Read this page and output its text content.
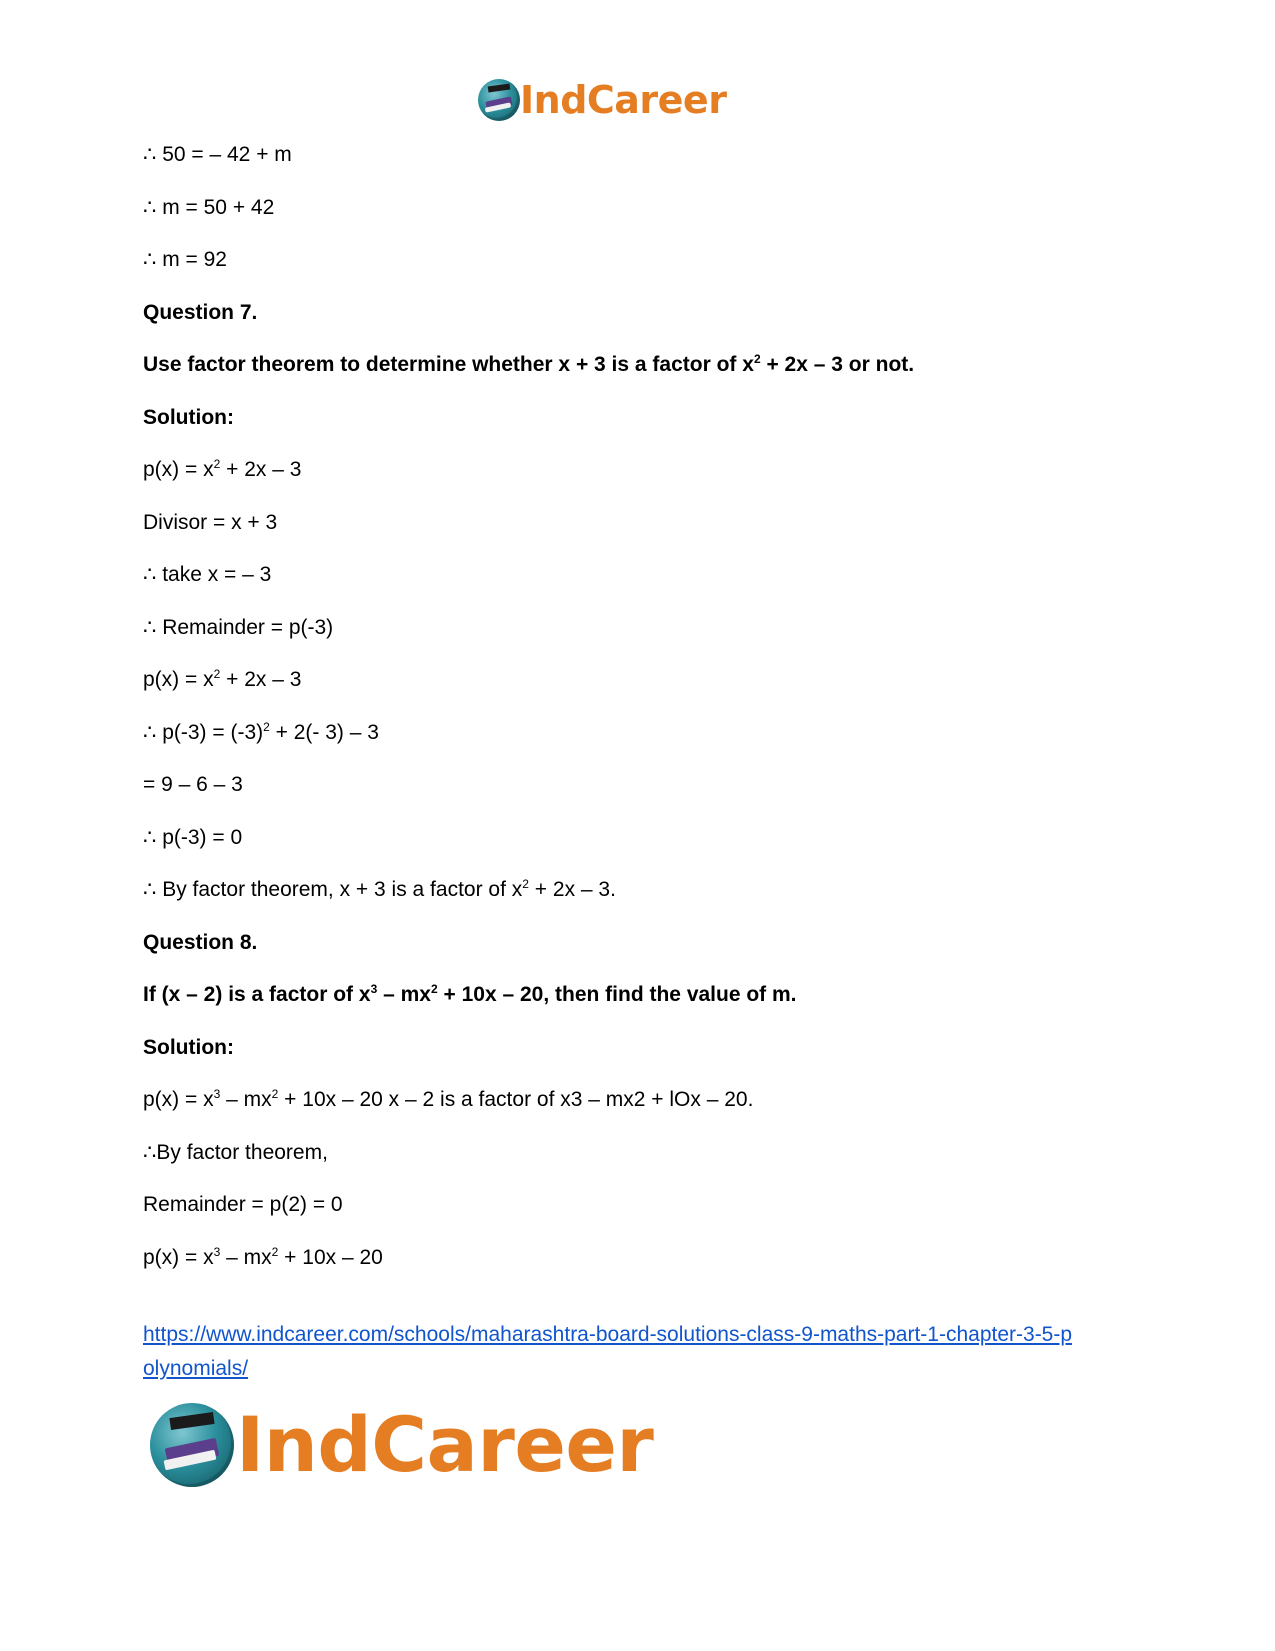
IndCareer
∴ 50 = – 42 + m
∴ m = 50 + 42
∴ m = 92
Question 7.
Use factor theorem to determine whether x + 3 is a factor of $x^2 + 2x - 3$ or not.
Solution:
$p(x) = x^2 + 2x - 3$
Divisor = x + 3
∴ take x = – 3
∴ Remainder = p(-3)
$p(x) = x^2 + 2x - 3$
∴ $p(-3) = (-3)^2 + 2(-$ 3) – 3
= 9 – 6 – 3
∴ p(-3) = 0
∴ By factor theorem, x + 3 is a factor of $x^2 + 2x - 3$.
Question 8.
If (x – 2) is a factor of $x^3 - mx^2 + 10x - 20$, then find the value of m.
Solution:
$p(x) = x^3 - mx^2 + 10x - 20$ x – 2 is a factor of x3 – mx2 + lOx – 20.
∴By factor theorem,
Remainder = p(2) = 0
$p(x) = x^3 - mx^2 + 10x - 20$
https://www.indcareer.com/schools/maharashtra-board-solutions-class-9-maths-part-1-chapter-3-5-polynomials/
IndCareer
